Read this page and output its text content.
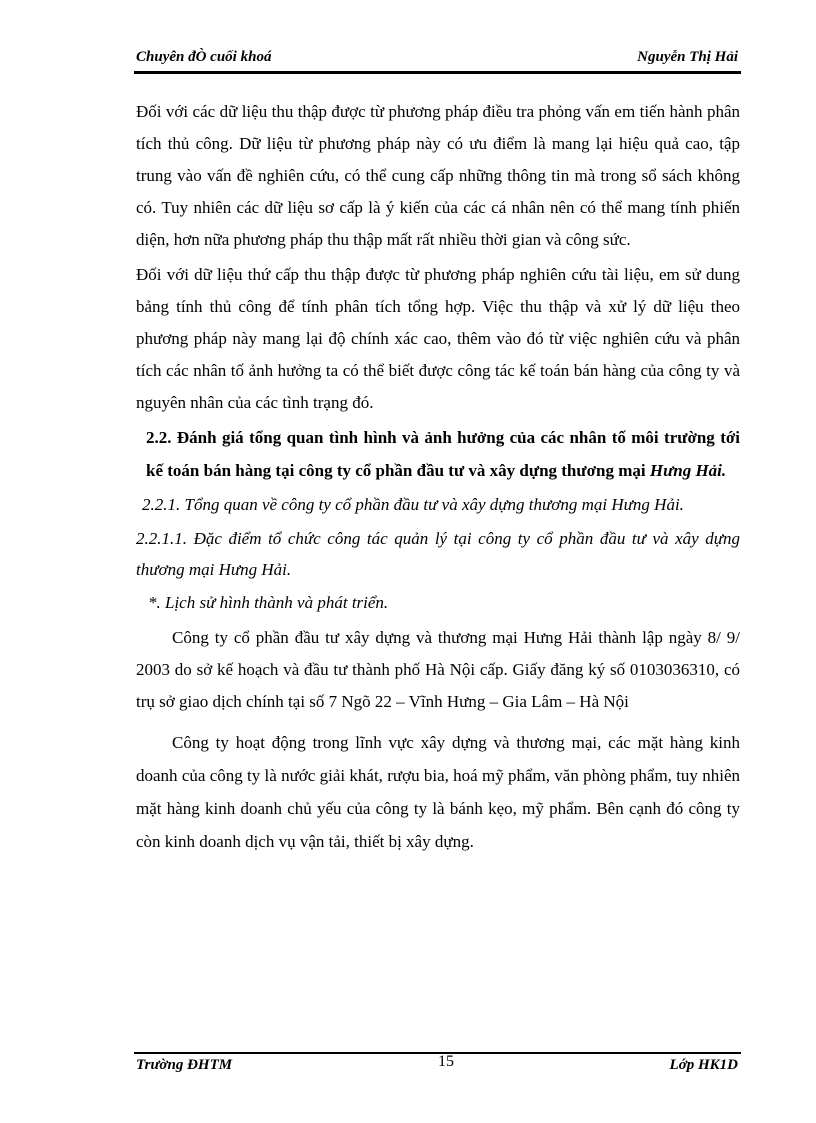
Chuyên đÒ cuối khoá	Nguyễn Thị Hải

Đối với các dữ liệu thu thập được từ phương pháp điều tra phỏng vấn em tiến hành phân tích thủ công. Dữ liệu từ phương pháp này có ưu điểm là mang lại hiệu quả cao, tập trung vào vấn đề nghiên cứu, có thể cung cấp những thông tin mà trong sổ sách không có. Tuy nhiên các dữ liệu sơ cấp là ý kiến của các cá nhân nên có thể mang tính phiến diện, hơn nữa phương pháp thu thập mất rất nhiều thời gian và công sức.

Đối với dữ liệu thứ cấp thu thập được từ phương pháp nghiên cứu tài liệu, em sử dung bảng tính thủ công để tính phân tích tổng hợp. Việc thu thập và xử lý dữ liệu theo phương pháp này mang lại độ chính xác cao, thêm vào đó từ việc nghiên cứu và phân tích các nhân tố ảnh hưởng ta có thể biết được công tác kế toán bán hàng của công ty và nguyên nhân của các tình trạng đó.

2.2. Đánh giá tổng quan tình hình và ảnh hưởng của các nhân tố môi trường tới kế toán bán hàng tại công ty cổ phần đầu tư và xây dựng thương mại Hưng Hải.

2.2.1. Tổng quan về công ty cổ phần đầu tư và xây dựng thương mại Hưng Hải.

2.2.1.1. Đặc điểm tổ chức công tác quản lý tại công ty cổ phần đầu tư và xây dựng thương mại Hưng Hải.

*. Lịch sử hình thành và phát triển.

Công ty cổ phần đầu tư xây dựng và thương mại Hưng Hải thành lập ngày 8/ 9/ 2003 do sở kế hoạch và đầu tư thành phố Hà Nội cấp. Giấy đăng ký số 0103036310, có trụ sở giao dịch chính tại số 7 Ngõ 22 – Vĩnh Hưng – Gia Lâm – Hà Nội

Công ty hoạt động trong lĩnh vực xây dựng và thương mại, các mặt hàng kinh doanh của công ty là nước giải khát, rượu bia, hoá mỹ phẩm, văn phòng phẩm, tuy nhiên mặt hàng kinh doanh chủ yếu của công ty là bánh kẹo, mỹ phẩm. Bên cạnh đó công ty còn kinh doanh dịch vụ vận tải, thiết bị xây dựng.

Trường ĐHTM	15	Lớp HK1D
